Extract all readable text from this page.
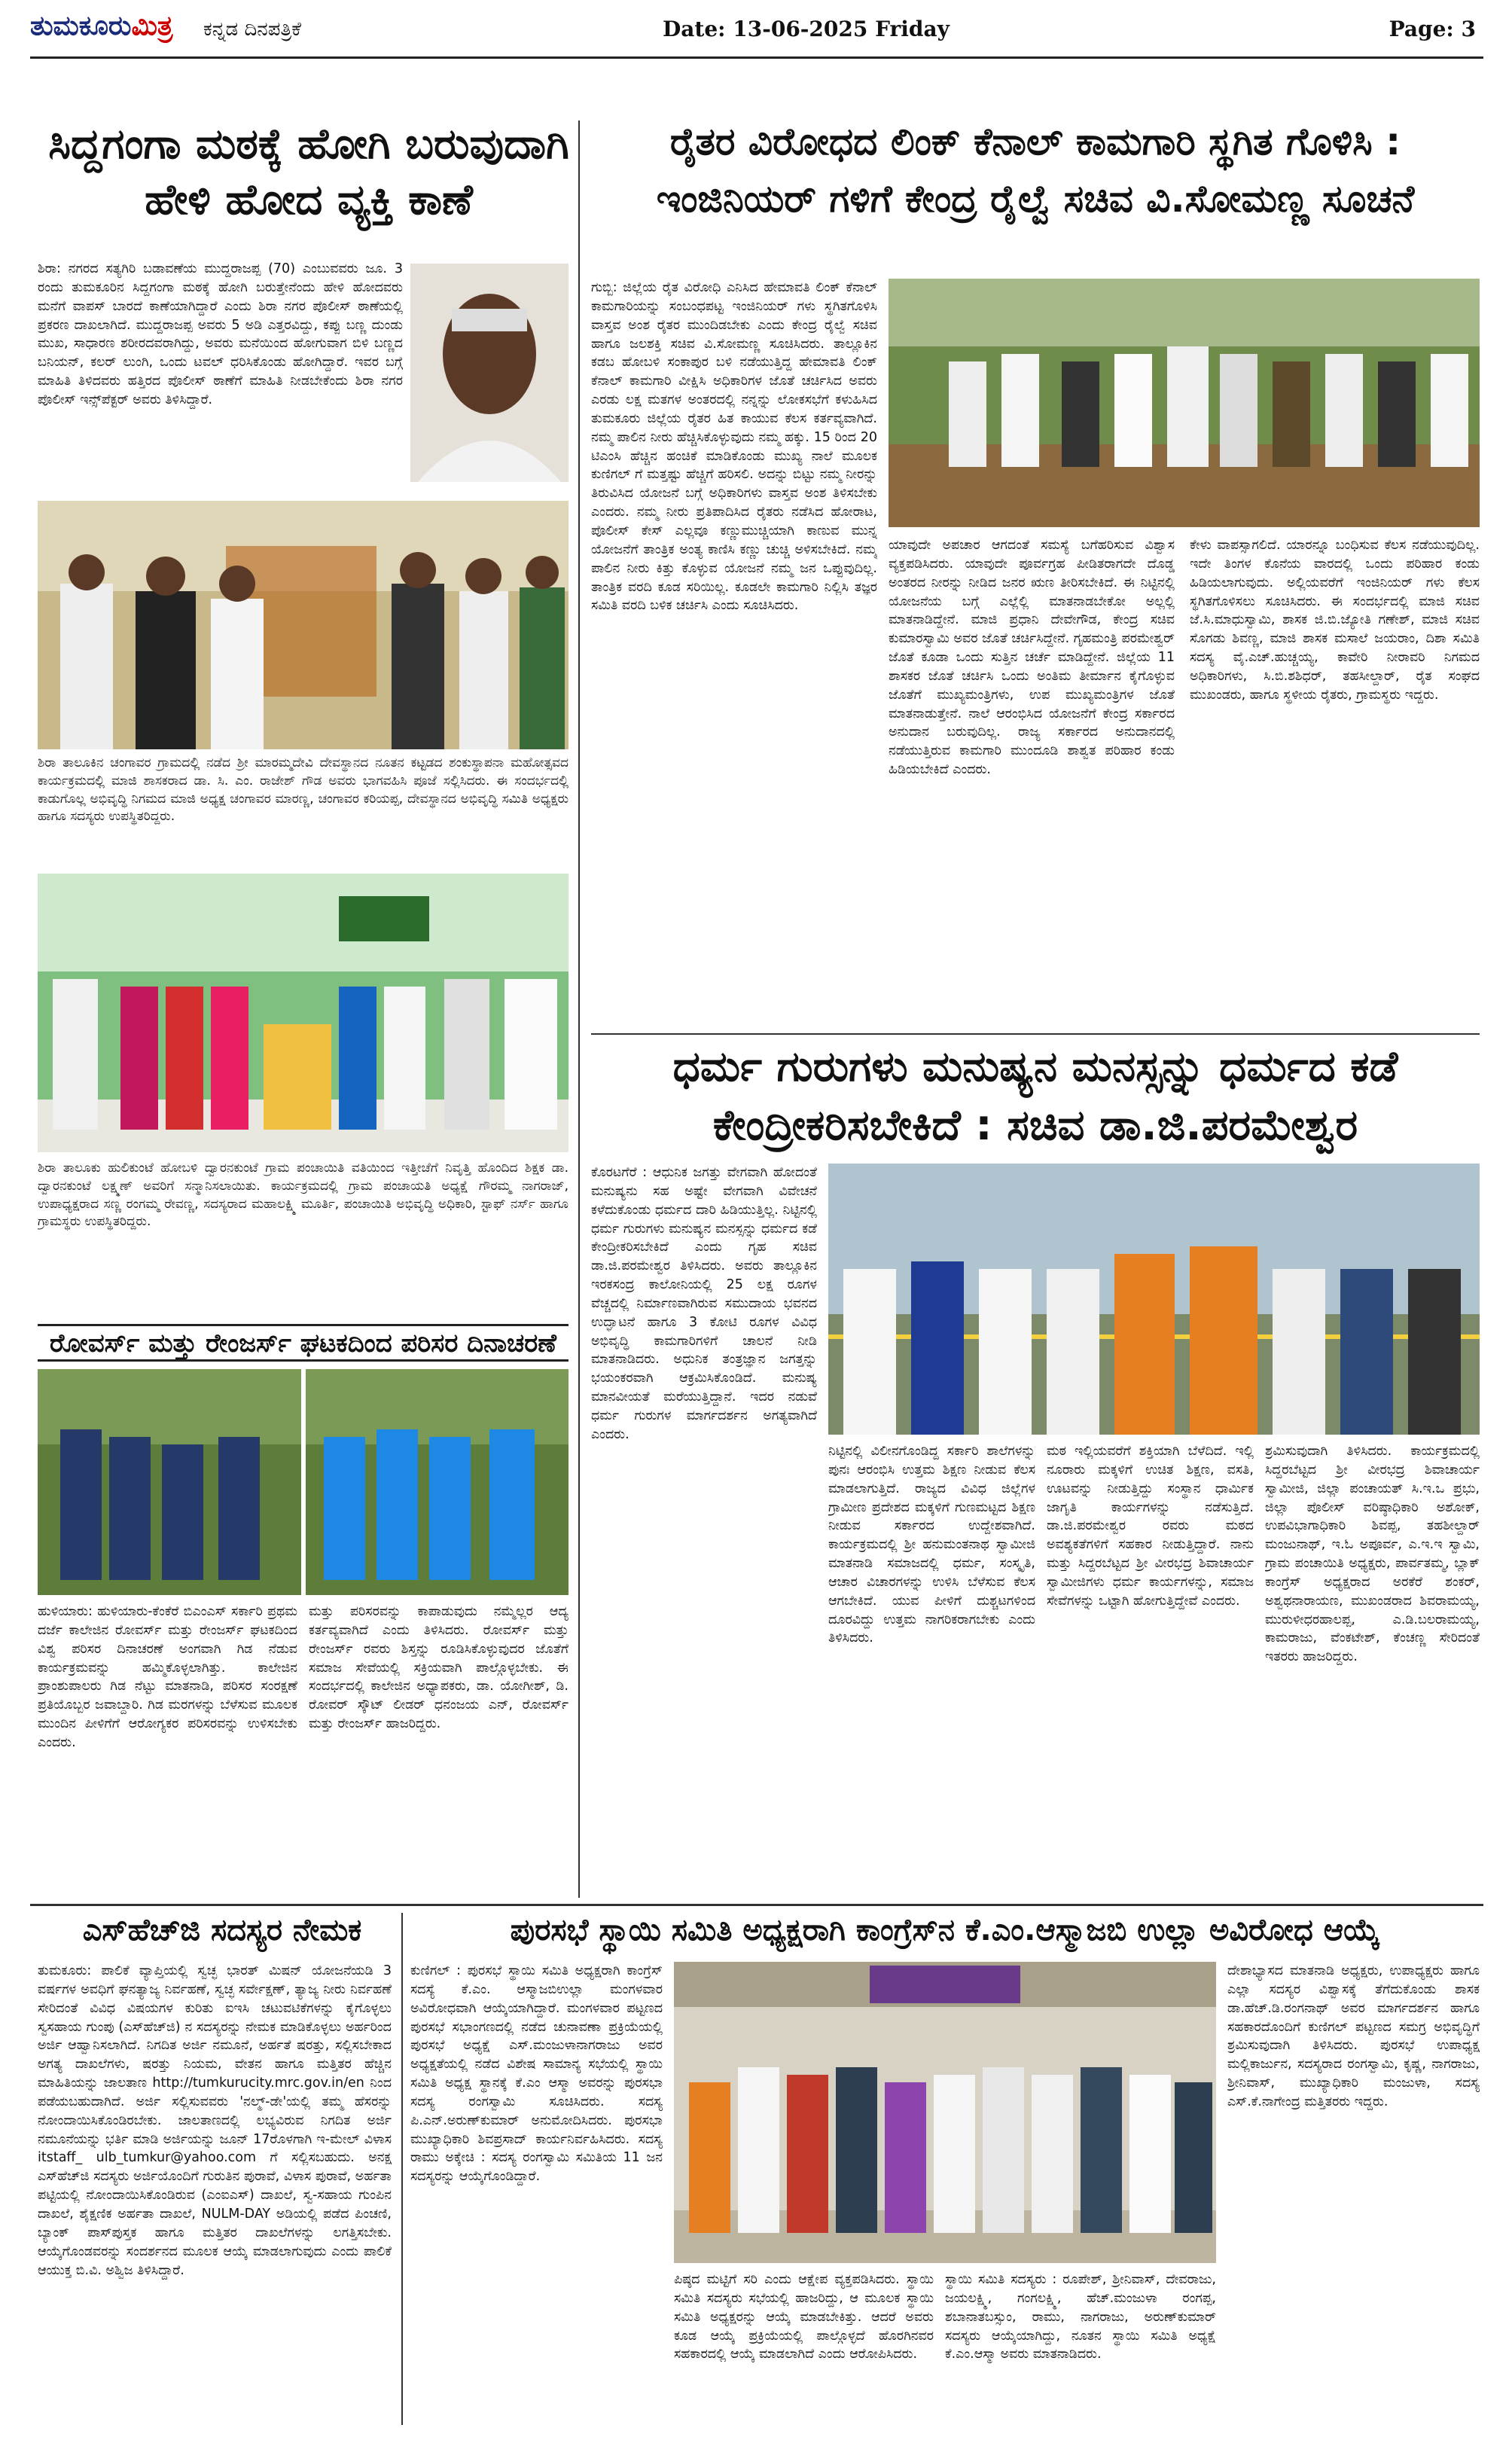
ತುಮಕೂರುಮಿತ್ರ ಕನ್ನಡ ದಿನಪತ್ರಿಕೆ	Date: 13-06-2025 Friday	Page: 3
ಸಿದ್ದಗಂಗಾ ಮಠಕ್ಕೆ ಹೋಗಿ ಬರುವುದಾಗಿ
ಹೇಳಿ ಹೋದ ವ್ಯಕ್ತಿ ಕಾಣೆ
ಶಿರಾ: ನಗರದ ಸತ್ಯಗಿರಿ ಬಡಾವಣೆಯ ಮುದ್ದರಾಜಪ್ಪ (70) ಎಂಬುವವರು ಜೂ. 3 ರಂದು ತುಮಕೂರಿನ ಸಿದ್ದಗಂಗಾ ಮಠಕ್ಕೆ ಹೋಗಿ ಬರುತ್ತೇನೆಂದು ಹೇಳಿ ಹೋದವರು ಮನೆಗೆ ವಾಪಸ್ ಬಾರದೆ ಕಾಣೆಯಾಗಿದ್ದಾರೆ ಎಂದು ಶಿರಾ ನಗರ ಪೊಲೀಸ್ ಠಾಣೆಯಲ್ಲಿ ಪ್ರಕರಣ ದಾಖಲಾಗಿದೆ. ಮುದ್ದರಾಜಪ್ಪ ಅವರು 5 ಅಡಿ ಎತ್ತರವಿದ್ದು, ಕಪ್ಪು ಬಣ್ಣ ದುಂಡು ಮುಖ, ಸಾಧಾರಣ ಶರೀರದವರಾಗಿದ್ದು, ಅವರು ಮನೆಯಿಂದ ಹೋಗುವಾಗ ಬಿಳಿ ಬಣ್ಣದ ಬನಿಯನ್, ಕಲರ್ ಲುಂಗಿ, ಒಂದು ಟವಲ್ ಧರಿಸಿಕೊಂಡು ಹೋಗಿದ್ದಾರೆ. ಇವರ ಬಗ್ಗೆ ಮಾಹಿತಿ ತಿಳಿದವರು ಹತ್ತಿರದ ಪೊಲೀಸ್ ಠಾಣೆಗೆ ಮಾಹಿತಿ ನೀಡಬೇಕೆಂದು ಶಿರಾ ನಗರ ಪೊಲೀಸ್ ಇನ್ಸ್‌ಪೆಕ್ಟರ್ ಅವರು ತಿಳಿಸಿದ್ದಾರೆ.
ಶಿರಾ ತಾಲೂಕಿನ ಚಂಗಾವರ ಗ್ರಾಮದಲ್ಲಿ ನಡೆದ ಶ್ರೀ ಮಾರಮ್ಮದೇವಿ ದೇವಸ್ಥಾನದ ನೂತನ ಕಟ್ಟಡದ ಶಂಕುಸ್ಥಾಪನಾ ಮಹೋತ್ಸವದ ಕಾರ್ಯಕ್ರಮದಲ್ಲಿ ಮಾಜಿ ಶಾಸಕರಾದ ಡಾ. ಸಿ. ಎಂ. ರಾಜೇಶ್ ಗೌಡ ಅವರು ಭಾಗವಹಿಸಿ ಪೂಜೆ ಸಲ್ಲಿಸಿದರು. ಈ ಸಂದರ್ಭದಲ್ಲಿ ಕಾಡುಗೊಲ್ಲ ಅಭಿವೃದ್ಧಿ ನಿಗಮದ ಮಾಜಿ ಅಧ್ಯಕ್ಷ ಚಂಗಾವರ ಮಾರಣ್ಣ, ಚಂಗಾವರ ಕರಿಯಪ್ಪ, ದೇವಸ್ಥಾನದ ಅಭಿವೃದ್ಧಿ ಸಮಿತಿ ಅಧ್ಯಕ್ಷರು ಹಾಗೂ ಸದಸ್ಯರು ಉಪಸ್ಥಿತರಿದ್ದರು.
ಶಿರಾ ತಾಲೂಕು ಹುಲಿಕುಂಟೆ ಹೋಬಳಿ ದ್ವಾರನಕುಂಟೆ ಗ್ರಾಮ ಪಂಚಾಯಿತಿ ವತಿಯಿಂದ ಇತ್ತೀಚೆಗೆ ನಿವೃತ್ತಿ ಹೊಂದಿದ ಶಿಕ್ಷಕ ಡಾ. ದ್ವಾರನಕುಂಟೆ ಲಕ್ಷ್ಮಣ್ ಅವರಿಗೆ ಸನ್ಮಾನಿಸಲಾಯಿತು. ಕಾರ್ಯಕ್ರಮದಲ್ಲಿ ಗ್ರಾಮ ಪಂಚಾಯತಿ ಅಧ್ಯಕ್ಷೆ ಗೌರಮ್ಮ ನಾಗರಾಜ್, ಉಪಾಧ್ಯಕ್ಷರಾದ ಸಣ್ಣ ರಂಗಮ್ಮ ರೇವಣ್ಣ, ಸದಸ್ಯರಾದ ಮಹಾಲಕ್ಷ್ಮಿ ಮೂರ್ತಿ, ಪಂಚಾಯಿತಿ ಅಭಿವೃದ್ಧಿ ಅಧಿಕಾರಿ, ಸ್ಟಾಫ್ ನರ್ಸ್ ಹಾಗೂ ಗ್ರಾಮಸ್ಥರು ಉಪಸ್ಥಿತರಿದ್ದರು.
ರೋವರ್ಸ್ ಮತ್ತು ರೇಂಜರ್ಸ್ ಘಟಕದಿಂದ ಪರಿಸರ ದಿನಾಚರಣೆ
ಹುಳಿಯಾರು: ಹುಳಿಯಾರು-ಕೆಂಕೆರೆ ಬಿಎಂಎಸ್ ಸರ್ಕಾರಿ ಪ್ರಥಮ ದರ್ಜೆ ಕಾಲೇಜಿನ ರೋವರ್ಸ್ ಮತ್ತು ರೇಂಜರ್ಸ್ ಘಟಕದಿಂದ ವಿಶ್ವ ಪರಿಸರ ದಿನಾಚರಣೆ ಅಂಗವಾಗಿ ಗಿಡ ನೆಡುವ ಕಾರ್ಯಕ್ರಮವನ್ನು ಹಮ್ಮಿಕೊಳ್ಳಲಾಗಿತ್ತು. ಕಾಲೇಜಿನ ಪ್ರಾಂಶುಪಾಲರು ಗಿಡ ನೆಟ್ಟು ಮಾತನಾಡಿ, ಪರಿಸರ ಸಂರಕ್ಷಣೆ ಪ್ರತಿಯೊಬ್ಬರ ಜವಾಬ್ದಾರಿ. ಗಿಡ ಮರಗಳನ್ನು ಬೆಳೆಸುವ ಮೂಲಕ ಮುಂದಿನ ಪೀಳಿಗೆಗೆ ಆರೋಗ್ಯಕರ ಪರಿಸರವನ್ನು ಉಳಿಸಬೇಕು ಎಂದರು.
ಮತ್ತು ಪರಿಸರವನ್ನು ಕಾಪಾಡುವುದು ನಮ್ಮೆಲ್ಲರ ಆದ್ಯ ಕರ್ತವ್ಯವಾಗಿದೆ ಎಂದು ತಿಳಿಸಿದರು. ರೋವರ್ಸ್ ಮತ್ತು ರೇಂಜರ್ಸ್ ರವರು ಶಿಸ್ತನ್ನು ರೂಡಿಸಿಕೊಳ್ಳುವುದರ ಜೊತೆಗೆ ಸಮಾಜ ಸೇವೆಯಲ್ಲಿ ಸಕ್ರಿಯವಾಗಿ ಪಾಲ್ಗೊಳ್ಳಬೇಕು. ಈ ಸಂದರ್ಭದಲ್ಲಿ ಕಾಲೇಜಿನ ಅಧ್ಯಾಪಕರು, ಡಾ. ಯೋಗೀಶ್, ಡಿ. ರೋವರ್ ಸ್ಕೌಟ್ ಲೀಡರ್ ಧನಂಜಯ ಎನ್, ರೋವರ್ಸ್ ಮತ್ತು ರೇಂಜರ್ಸ್ ಹಾಜರಿದ್ದರು.
ರೈತರ ವಿರೋಧದ ಲಿಂಕ್ ಕೆನಾಲ್ ಕಾಮಗಾರಿ ಸ್ಥಗಿತ ಗೊಳಿಸಿ :
ಇಂಜಿನಿಯರ್ ಗಳಿಗೆ ಕೇಂದ್ರ ರೈಲ್ವೆ ಸಚಿವ ವಿ.ಸೋಮಣ್ಣ ಸೂಚನೆ
ಗುಬ್ಬಿ: ಜಿಲ್ಲೆಯ ರೈತ ವಿರೋಧಿ ಎನಿಸಿದ ಹೇಮಾವತಿ ಲಿಂಕ್ ಕೆನಾಲ್ ಕಾಮಗಾರಿಯನ್ನು ಸಂಬಂಧಪಟ್ಟ ಇಂಜಿನಿಯರ್ ಗಳು ಸ್ಥಗಿತಗೊಳಿಸಿ ವಾಸ್ತವ ಅಂಶ ರೈತರ ಮುಂದಿಡಬೇಕು ಎಂದು ಕೇಂದ್ರ ರೈಲ್ವೆ ಸಚಿವ ಹಾಗೂ ಜಲಶಕ್ತಿ ಸಚಿವ ವಿ.ಸೋಮಣ್ಣ ಸೂಚಿಸಿದರು. ತಾಲ್ಲೂಕಿನ ಕಡಬ ಹೋಬಳಿ ಸಂಕಾಪುರ ಬಳಿ ನಡೆಯುತ್ತಿದ್ದ ಹೇಮಾವತಿ ಲಿಂಕ್ ಕೆನಾಲ್ ಕಾಮಗಾರಿ ವೀಕ್ಷಿಸಿ ಅಧಿಕಾರಿಗಳ ಜೊತೆ ಚರ್ಚಿಸಿದ ಅವರು ಎರಡು ಲಕ್ಷ ಮತಗಳ ಅಂತರದಲ್ಲಿ ನನ್ನನ್ನು ಲೋಕಸಭೆಗೆ ಕಳುಹಿಸಿದ ತುಮಕೂರು ಜಿಲ್ಲೆಯ ರೈತರ ಹಿತ ಕಾಯುವ ಕೆಲಸ ಕರ್ತವ್ಯವಾಗಿದೆ. ನಮ್ಮ ಪಾಲಿನ ನೀರು ಹೆಚ್ಚಿಸಿಕೊಳ್ಳುವುದು ನಮ್ಮ ಹಕ್ಕು. 15 ರಿಂದ 20 ಟಿಎಂಸಿ ಹೆಚ್ಚಿನ ಹಂಚಿಕೆ ಮಾಡಿಕೊಂಡು ಮುಖ್ಯ ನಾಲೆ ಮೂಲಕ ಕುಣಿಗಲ್ ಗೆ ಮತ್ತಷ್ಟು ಹೆಚ್ಚಿಗೆ ಹರಿಸಲಿ. ಅದನ್ನು ಬಿಟ್ಟು ನಮ್ಮ ನೀರನ್ನು ತಿರುವಿಸಿದ ಯೋಜನೆ ಬಗ್ಗೆ ಅಧಿಕಾರಿಗಳು ವಾಸ್ತವ ಅಂಶ ತಿಳಿಸಬೇಕು ಎಂದರು. ನಮ್ಮ ನೀರು ಪ್ರತಿಪಾದಿಸಿದ ರೈತರು ನಡೆಸಿದ ಹೋರಾಟ, ಪೊಲೀಸ್ ಕೇಸ್ ಎಲ್ಲವೂ ಕಣ್ಣುಮುಚ್ಚಿಯಾಗಿ ಕಾಣುವ ಮುನ್ನ ಯೋಜನೆಗೆ ತಾಂತ್ರಿಕ ಅಂತ್ಯ ಕಾಣಿಸಿ ಕಣ್ಣು ಚುಚ್ಚಿ ಅಳಿಸಬೇಕಿದೆ. ನಮ್ಮ ಪಾಲಿನ ನೀರು ಕಿತ್ತು ಕೊಳ್ಳುವ ಯೋಜನೆ ನಮ್ಮ ಜನ ಒಪ್ಪುವುದಿಲ್ಲ. ತಾಂತ್ರಿಕ ವರದಿ ಕೂಡ ಸರಿಯಿಲ್ಲ. ಕೂಡಲೇ ಕಾಮಗಾರಿ ನಿಲ್ಲಿಸಿ ತಜ್ಞರ ಸಮಿತಿ ವರದಿ ಬಳಿಕ ಚರ್ಚಿಸಿ ಎಂದು ಸೂಚಿಸಿದರು.
ಯಾವುದೇ ಅಪಚಾರ ಆಗದಂತೆ ಸಮಸ್ಯೆ ಬಗೆಹರಿಸುವ ವಿಶ್ವಾಸ ವ್ಯಕ್ತಪಡಿಸಿದರು. ಯಾವುದೇ ಪೂರ್ವಗ್ರಹ ಪೀಡಿತರಾಗದೇ ದೊಡ್ಡ ಅಂತರದ ನೀರನ್ನು ನೀಡಿದ ಜನರ ಋಣ ತೀರಿಸಬೇಕಿದೆ. ಈ ನಿಟ್ಟಿನಲ್ಲಿ ಯೋಜನೆಯ ಬಗ್ಗೆ ಎಲ್ಲೆಲ್ಲಿ ಮಾತನಾಡಬೇಕೋ ಅಲ್ಲಲ್ಲಿ ಮಾತನಾಡಿದ್ದೇನೆ. ಮಾಜಿ ಪ್ರಧಾನಿ ದೇವೇಗೌಡ, ಕೇಂದ್ರ ಸಚಿವ ಕುಮಾರಸ್ವಾಮಿ ಅವರ ಜೊತೆ ಚರ್ಚಿಸಿದ್ದೇನೆ. ಗೃಹಮಂತ್ರಿ ಪರಮೇಶ್ವರ್ ಜೊತೆ ಕೂಡಾ ಒಂದು ಸುತ್ತಿನ ಚರ್ಚೆ ಮಾಡಿದ್ದೇನೆ. ಜಿಲ್ಲೆಯ 11 ಶಾಸಕರ ಜೊತೆ ಚರ್ಚಿಸಿ ಒಂದು ಅಂತಿಮ ತೀರ್ಮಾನ ಕೈಗೊಳ್ಳುವ ಜೊತೆಗೆ ಮುಖ್ಯಮಂತ್ರಿಗಳು, ಉಪ ಮುಖ್ಯಮಂತ್ರಿಗಳ ಜೊತೆ ಮಾತನಾಡುತ್ತೇನೆ. ನಾಲೆ ಆರಂಭಿಸಿದ ಯೋಜನೆಗೆ ಕೇಂದ್ರ ಸರ್ಕಾರದ ಅನುದಾನ ಬರುವುದಿಲ್ಲ. ರಾಜ್ಯ ಸರ್ಕಾರದ ಅನುದಾನದಲ್ಲಿ ನಡೆಯುತ್ತಿರುವ ಕಾಮಗಾರಿ ಮುಂದೂಡಿ ಶಾಶ್ವತ ಪರಿಹಾರ ಕಂಡು ಹಿಡಿಯಬೇಕಿದೆ ಎಂದರು.
ಕೇಳು ವಾಪಸ್ಸಾಗಲಿದೆ. ಯಾರನ್ನೂ ಬಂಧಿಸುವ ಕೆಲಸ ನಡೆಯುವುದಿಲ್ಲ. ಇದೇ ತಿಂಗಳ ಕೊನೆಯ ವಾರದಲ್ಲಿ ಒಂದು ಪರಿಹಾರ ಕಂಡು ಹಿಡಿಯಲಾಗುವುದು. ಅಲ್ಲಿಯವರೆಗೆ ಇಂಜಿನಿಯರ್ ಗಳು ಕೆಲಸ ಸ್ಥಗಿತಗೊಳಿಸಲು ಸೂಚಿಸಿದರು. ಈ ಸಂದರ್ಭದಲ್ಲಿ ಮಾಜಿ ಸಚಿವ ಜೆ.ಸಿ.ಮಾಧುಸ್ವಾಮಿ, ಶಾಸಕ ಜಿ.ಬಿ.ಜ್ಯೋತಿ ಗಣೇಶ್, ಮಾಜಿ ಸಚಿವ ಸೊಗಡು ಶಿವಣ್ಣ, ಮಾಜಿ ಶಾಸಕ ಮಸಾಲೆ ಜಯರಾಂ, ದಿಶಾ ಸಮಿತಿ ಸದಸ್ಯ ವೈ.ಎಚ್.ಹುಚ್ಚಯ್ಯ, ಕಾವೇರಿ ನೀರಾವರಿ ನಿಗಮದ ಅಧಿಕಾರಿಗಳು, ಸಿ.ಬಿ.ಶಶಿಧರ್, ತಹಸೀಲ್ದಾರ್, ರೈತ ಸಂಘದ ಮುಖಂಡರು, ಹಾಗೂ ಸ್ಥಳೀಯ ರೈತರು, ಗ್ರಾಮಸ್ಥರು ಇದ್ದರು.
ಧರ್ಮ ಗುರುಗಳು ಮನುಷ್ಯನ ಮನಸ್ಸನ್ನು ಧರ್ಮದ ಕಡೆ
ಕೇಂದ್ರೀಕರಿಸಬೇಕಿದೆ : ಸಚಿವ ಡಾ.ಜಿ.ಪರಮೇಶ್ವರ
ಕೊರಟಗೆರೆ : ಆಧುನಿಕ ಜಗತ್ತು ವೇಗವಾಗಿ ಹೋದಂತೆ ಮನುಷ್ಯನು ಸಹ ಅಷ್ಟೇ ವೇಗವಾಗಿ ವಿವೇಚನೆ ಕಳೆದುಕೊಂಡು ಧರ್ಮದ ದಾರಿ ಹಿಡಿಯುತ್ತಿಲ್ಲ. ನಿಟ್ಟಿನಲ್ಲಿ ಧರ್ಮ ಗುರುಗಳು ಮನುಷ್ಯನ ಮನಸ್ಸನ್ನು ಧರ್ಮದ ಕಡೆ ಕೇಂದ್ರೀಕರಿಸಬೇಕಿದೆ ಎಂದು ಗೃಹ ಸಚಿವ ಡಾ.ಜಿ.ಪರಮೇಶ್ವರ ತಿಳಿಸಿದರು. ಅವರು ತಾಲ್ಲೂಕಿನ ಇರಕಸಂದ್ರ ಕಾಲೋನಿಯಲ್ಲಿ 25 ಲಕ್ಷ ರೂಗಳ ವೆಚ್ಚದಲ್ಲಿ ನಿರ್ಮಾಣವಾಗಿರುವ ಸಮುದಾಯ ಭವನದ ಉದ್ಘಾಟನೆ ಹಾಗೂ 3 ಕೋಟಿ ರೂಗಳ ವಿವಿಧ ಅಭಿವೃದ್ಧಿ ಕಾಮಗಾರಿಗಳಿಗೆ ಚಾಲನೆ ನೀಡಿ ಮಾತನಾಡಿದರು. ಅಧುನಿಕ ತಂತ್ರಜ್ಞಾನ ಜಗತ್ತನ್ನು ಭಯಂಕರವಾಗಿ ಆಕ್ರಮಿಸಿಕೊಂಡಿದೆ. ಮನುಷ್ಯ ಮಾನವೀಯತೆ ಮರೆಯುತ್ತಿದ್ದಾನೆ. ಇದರ ನಡುವೆ ಧರ್ಮ ಗುರುಗಳ ಮಾರ್ಗದರ್ಶನ ಅಗತ್ಯವಾಗಿದೆ ಎಂದರು.
ನಿಟ್ಟಿನಲ್ಲಿ ವಿಲೀನಗೊಂಡಿದ್ದ ಸರ್ಕಾರಿ ಶಾಲೆಗಳನ್ನು ಪುನಃ ಆರಂಭಿಸಿ ಉತ್ತಮ ಶಿಕ್ಷಣ ನೀಡುವ ಕೆಲಸ ಮಾಡಲಾಗುತ್ತಿದೆ. ರಾಜ್ಯದ ವಿವಿಧ ಜಿಲ್ಲೆಗಳ ಗ್ರಾಮೀಣ ಪ್ರದೇಶದ ಮಕ್ಕಳಿಗೆ ಗುಣಮಟ್ಟದ ಶಿಕ್ಷಣ ನೀಡುವ ಸರ್ಕಾರದ ಉದ್ದೇಶವಾಗಿದೆ. ಕಾರ್ಯಕ್ರಮದಲ್ಲಿ ಶ್ರೀ ಹನುಮಂತನಾಥ ಸ್ವಾಮೀಜಿ ಮಾತನಾಡಿ ಸಮಾಜದಲ್ಲಿ ಧರ್ಮ, ಸಂಸ್ಕೃತಿ, ಆಚಾರ ವಿಚಾರಗಳನ್ನು ಉಳಿಸಿ ಬೆಳೆಸುವ ಕೆಲಸ ಆಗಬೇಕಿದೆ. ಯುವ ಪೀಳಿಗೆ ದುಶ್ಚಟಗಳಿಂದ ದೂರವಿದ್ದು ಉತ್ತಮ ನಾಗರಿಕರಾಗಬೇಕು ಎಂದು ತಿಳಿಸಿದರು.
ಮಠ ಇಲ್ಲಿಯವರೆಗೆ ಶಕ್ತಿಯಾಗಿ ಬೆಳೆದಿದೆ. ಇಲ್ಲಿ ನೂರಾರು ಮಕ್ಕಳಿಗೆ ಉಚಿತ ಶಿಕ್ಷಣ, ವಸತಿ, ಊಟವನ್ನು ನೀಡುತ್ತಿದ್ದು ಸಂಸ್ಥಾನ ಧಾರ್ಮಿಕ ಜಾಗೃತಿ ಕಾರ್ಯಗಳನ್ನು ನಡೆಸುತ್ತಿದೆ. ಡಾ.ಜಿ.ಪರಮೇಶ್ವರ ರವರು ಮಠದ ಅವಶ್ಯಕತೆಗಳಿಗೆ ಸಹಕಾರ ನೀಡುತ್ತಿದ್ದಾರೆ. ನಾನು ಮತ್ತು ಸಿದ್ದರಬೆಟ್ಟದ ಶ್ರೀ ವೀರಭದ್ರ ಶಿವಾಚಾರ್ಯ ಸ್ವಾಮೀಜಿಗಳು ಧರ್ಮ ಕಾರ್ಯಗಳನ್ನು, ಸಮಾಜ ಸೇವೆಗಳನ್ನು ಒಟ್ಟಾಗಿ ಹೋಗುತ್ತಿದ್ದೇವೆ ಎಂದರು.
ಶ್ರಮಿಸುವುದಾಗಿ ತಿಳಿಸಿದರು. ಕಾರ್ಯಕ್ರಮದಲ್ಲಿ ಸಿದ್ದರಬೆಟ್ಟದ ಶ್ರೀ ವೀರಭದ್ರ ಶಿವಾಚಾರ್ಯ ಸ್ವಾಮೀಜಿ, ಜಿಲ್ಲಾ ಪಂಚಾಯತ್ ಸಿ.ಇ.ಒ ಪ್ರಭು, ಜಿಲ್ಲಾ ಪೊಲೀಸ್ ವರಿಷ್ಠಾಧಿಕಾರಿ ಅಶೋಕ್, ಉಪವಿಭಾಗಾಧಿಕಾರಿ ಶಿವಪ್ಪ, ತಹಶೀಲ್ದಾರ್ ಮಂಜುನಾಥ್, ಇ.ಓ ಅಪೂರ್ವ, ಎ.ಇ.ಇ ಸ್ವಾಮಿ, ಗ್ರಾಮ ಪಂಚಾಯಿತಿ ಅಧ್ಯಕ್ಷರು, ಪಾರ್ವತಮ್ಮ, ಬ್ಲಾಕ್ ಕಾಂಗ್ರೆಸ್ ಅಧ್ಯಕ್ಷರಾದ ಅರಕೆರೆ ಶಂಕರ್, ಅಶ್ವಥನಾರಾಯಣ, ಮುಖಂಡರಾದ ಶಿವರಾಮಯ್ಯ, ಮುರುಳೀಧರಹಾಲಪ್ಪ, ಎ.ಡಿ.ಬಲರಾಮಯ್ಯ, ಕಾಮರಾಜು, ವೆಂಕಟೇಶ್, ಕೆಂಚಣ್ಣ ಸೇರಿದಂತೆ ಇತರರು ಹಾಜರಿದ್ದರು.
ಎಸ್‌ಹೆಚ್‌ಜಿ ಸದಸ್ಯರ ನೇಮಕ
ತುಮಕೂರು: ಪಾಲಿಕೆ ವ್ಯಾಪ್ತಿಯಲ್ಲಿ ಸ್ವಚ್ಛ ಭಾರತ್ ಮಿಷನ್ ಯೋಜನೆಯಡಿ 3 ವರ್ಷಗಳ ಅವಧಿಗೆ ಘನತ್ಯಾಜ್ಯ ನಿರ್ವಹಣೆ, ಸ್ವಚ್ಛ ಸರ್ವೇಕ್ಷಣ್, ತ್ಯಾಜ್ಯ ನೀರು ನಿರ್ವಹಣೆ ಸೇರಿದಂತೆ ವಿವಿಧ ವಿಷಯಗಳ ಕುರಿತು ಐಇಸಿ ಚಟುವಟಿಕೆಗಳನ್ನು ಕೈಗೊಳ್ಳಲು ಸ್ವಸಹಾಯ ಗುಂಪು (ಎಸ್‌ಹೆಚ್‌ಜಿ) ನ ಸದಸ್ಯರನ್ನು ನೇಮಕ ಮಾಡಿಕೊಳ್ಳಲು ಅರ್ಹರಿಂದ ಅರ್ಜಿ ಆಹ್ವಾನಿಸಲಾಗಿದೆ. ನಿಗದಿತ ಅರ್ಜಿ ನಮೂನೆ, ಅರ್ಹತೆ ಷರತ್ತು, ಸಲ್ಲಿಸಬೇಕಾದ ಅಗತ್ಯ ದಾಖಲೆಗಳು, ಷರತ್ತು ನಿಯಮ, ವೇತನ ಹಾಗೂ ಮತ್ತಿತರ ಹೆಚ್ಚಿನ ಮಾಹಿತಿಯನ್ನು ಜಾಲತಾಣ http://tumkurucity.mrc.gov.in/en ನಿಂದ ಪಡೆಯಬಹುದಾಗಿದೆ. ಅರ್ಜಿ ಸಲ್ಲಿಸುವವರು 'ನಲ್ಮ್-ಡೇ'ಯಲ್ಲಿ ತಮ್ಮ ಹೆಸರನ್ನು ನೋಂದಾಯಿಸಿಕೊಂಡಿರಬೇಕು. ಜಾಲತಾಣದಲ್ಲಿ ಲಭ್ಯವಿರುವ ನಿಗದಿತ ಅರ್ಜಿ ನಮೂನೆಯನ್ನು ಭರ್ತಿ ಮಾಡಿ ಅರ್ಜಿಯನ್ನು ಜೂನ್ 17ರೊಳಗಾಗಿ ಇ-ಮೇಲ್ ವಿಳಾಸ itstaff_ ulb_tumkur@yahoo.com ಗೆ ಸಲ್ಲಿಸಬಹುದು. ಅನಕ್ಷ ಎಸ್‌ಹೆಚ್‌ಜಿ ಸದಸ್ಯರು ಅರ್ಜಿಯೊಂದಿಗೆ ಗುರುತಿನ ಪುರಾವೆ, ವಿಳಾಸ ಪುರಾವೆ, ಅರ್ಹತಾ ಪಟ್ಟಿಯಲ್ಲಿ ನೋಂದಾಯಿಸಿಕೊಂಡಿರುವ (ಎಂಐಎಸ್) ದಾಖಲೆ, ಸ್ವ-ಸಹಾಯ ಗುಂಪಿನ ದಾಖಲೆ, ಶೈಕ್ಷಣಿಕ ಅರ್ಹತಾ ದಾಖಲೆ, NULM-DAY ಅಡಿಯಲ್ಲಿ ಪಡೆದ ಪಿಂಚಣಿ, ಬ್ಯಾಂಕ್ ಪಾಸ್‌ಪುಸ್ತಕ ಹಾಗೂ ಮತ್ತಿತರ ದಾಖಲೆಗಳನ್ನು ಲಗತ್ತಿಸಬೇಕು. ಆಯ್ಕೆಗೊಂಡವರನ್ನು ಸಂದರ್ಶನದ ಮೂಲಕ ಆಯ್ಕೆ ಮಾಡಲಾಗುವುದು ಎಂದು ಪಾಲಿಕೆ ಆಯುಕ್ತ ಬಿ.ವಿ. ಅಶ್ವಿಜ ತಿಳಿಸಿದ್ದಾರೆ.
ಪುರಸಭೆ ಸ್ಥಾಯಿ ಸಮಿತಿ ಅಧ್ಯಕ್ಷರಾಗಿ ಕಾಂಗ್ರೆಸ್‌ನ ಕೆ.ಎಂ.ಆಸ್ಮಾಜಬಿ ಉಲ್ಲಾ ಅವಿರೋಧ ಆಯ್ಕೆ
ಕುಣಿಗಲ್ : ಪುರಸಭೆ ಸ್ಥಾಯಿ ಸಮಿತಿ ಅಧ್ಯಕ್ಷರಾಗಿ ಕಾಂಗ್ರೆಸ್ ಸದಸ್ಯೆ ಕೆ.ಎಂ. ಆಸ್ಮಾಜಬಿಉಲ್ಲಾ ಮಂಗಳವಾರ ಅವಿರೋಧವಾಗಿ ಆಯ್ಕೆಯಾಗಿದ್ದಾರೆ. ಮಂಗಳವಾರ ಪಟ್ಟಣದ ಪುರಸಭೆ ಸಭಾಂಗಣದಲ್ಲಿ ನಡೆದ ಚುನಾವಣಾ ಪ್ರಕ್ರಿಯೆಯಲ್ಲಿ ಪುರಸಭೆ ಅಧ್ಯಕ್ಷೆ ಎಸ್.ಮಂಜುಳಾನಾಗರಾಜು ಅವರ ಅಧ್ಯಕ್ಷತೆಯಲ್ಲಿ ನಡೆದ ವಿಶೇಷ ಸಾಮಾನ್ಯ ಸಭೆಯಲ್ಲಿ ಸ್ಥಾಯಿ ಸಮಿತಿ ಅಧ್ಯಕ್ಷ ಸ್ಥಾನಕ್ಕೆ ಕೆ.ಎಂ ಆಸ್ಮಾ ಅವರನ್ನು ಪುರಸಭಾ ಸದಸ್ಯ ರಂಗಸ್ವಾಮಿ ಸೂಚಿಸಿದರು. ಸದಸ್ಯ ಪಿ.ಎನ್.ಅರುಣ್‌ಕುಮಾರ್ ಅನುಮೋದಿಸಿದರು. ಪುರಸಭಾ ಮುಖ್ಯಾಧಿಕಾರಿ ಶಿವಪ್ರಸಾದ್ ಕಾರ್ಯನಿರ್ವಹಿಸಿದರು. ಸದಸ್ಯ ರಾಮು ಅಕ್ಕೇಚಿ : ಸದಸ್ಯ ರಂಗಸ್ವಾಮಿ ಸಮಿತಿಯ 11 ಜನ ಸದಸ್ಯರನ್ನು ಆಯ್ಕೆಗೊಂಡಿದ್ದಾರೆ.
ಪಿಷ್ಠದ ಮಟ್ಟಿಗೆ ಸರಿ ಎಂದು ಆಕ್ಷೇಪ ವ್ಯಕ್ತಪಡಿಸಿದರು. ಸ್ಥಾಯಿ ಸಮಿತಿ ಸದಸ್ಯರು ಸಭೆಯಲ್ಲಿ ಹಾಜರಿದ್ದು, ಆ ಮೂಲಕ ಸ್ಥಾಯಿ ಸಮಿತಿ ಅಧ್ಯಕ್ಷರನ್ನು ಆಯ್ಕೆ ಮಾಡಬೇಕಿತ್ತು. ಆದರೆ ಅವರು ಕೂಡ ಆಯ್ಕೆ ಪ್ರಕ್ರಿಯೆಯಲ್ಲಿ ಪಾಲ್ಗೊಳ್ಳದೆ ಹೊರಗಿನವರ ಸಹಕಾರದಲ್ಲಿ ಆಯ್ಕೆ ಮಾಡಲಾಗಿದೆ ಎಂದು ಆರೋಪಿಸಿದರು.
ಸ್ಥಾಯಿ ಸಮಿತಿ ಸದಸ್ಯರು : ರೂಪೇಶ್, ಶ್ರೀನಿವಾಸ್, ದೇವರಾಜು, ಜಯಲಕ್ಷ್ಮಿ, ಗಂಗಲಕ್ಷ್ಮಿ, ಹೆಚ್.ಮಂಜುಳಾ ರಂಗಪ್ಪ, ಶಬಾನಾತಬಸ್ಸುಂ, ರಾಮು, ನಾಗರಾಜು, ಅರುಣ್‌ಕುಮಾರ್ ಸದಸ್ಯರು ಆಯ್ಕೆಯಾಗಿದ್ದು, ನೂತನ ಸ್ಥಾಯಿ ಸಮಿತಿ ಅಧ್ಯಕ್ಷೆ ಕೆ.ಎಂ.ಆಸ್ಮಾ ಅವರು ಮಾತನಾಡಿದರು.
ದೇಶಾಭ್ಯಾಸದ ಮಾತನಾಡಿ ಅಧ್ಯಕ್ಷರು, ಉಪಾಧ್ಯಕ್ಷರು ಹಾಗೂ ಎಲ್ಲಾ ಸದಸ್ಯರ ವಿಶ್ವಾಸಕ್ಕೆ ತೆಗೆದುಕೊಂಡು ಶಾಸಕ ಡಾ.ಹೆಚ್.ಡಿ.ರಂಗನಾಥ್ ಅವರ ಮಾರ್ಗದರ್ಶನ ಹಾಗೂ ಸಹಕಾರದೊಂದಿಗೆ ಕುಣಿಗಲ್ ಪಟ್ಟಣದ ಸಮಗ್ರ ಅಭಿವೃದ್ಧಿಗೆ ಶ್ರಮಿಸುವುದಾಗಿ ತಿಳಿಸಿದರು. ಪುರಸಭೆ ಉಪಾಧ್ಯಕ್ಷ ಮಲ್ಲಿಕಾರ್ಜುನ, ಸದಸ್ಯರಾದ ರಂಗಸ್ವಾಮಿ, ಕೃಷ್ಣ, ನಾಗರಾಜು, ಶ್ರೀನಿವಾಸ್, ಮುಖ್ಯಾಧಿಕಾರಿ ಮಂಜುಳಾ, ಸದಸ್ಯ ಎಸ್.ಕೆ.ನಾಗೇಂದ್ರ ಮತ್ತಿತರರು ಇದ್ದರು.
